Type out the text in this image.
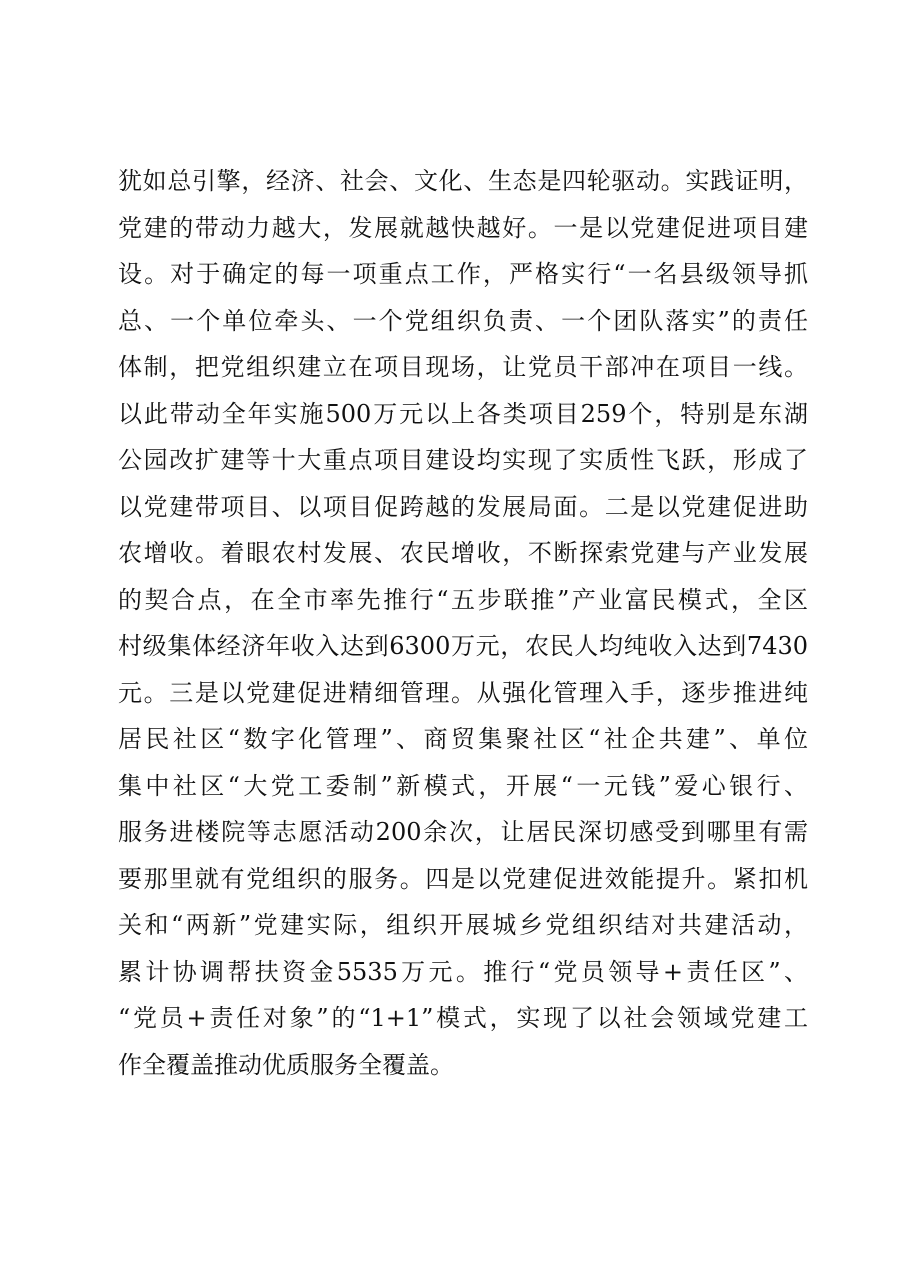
犹如总引擎，经济、社会、文化、生态是四轮驱动。实践证明，
党建的带动力越大，发展就越快越好。一是以党建促进项目建
设。对于确定的每一项重点工作，严格实行“一名县级领导抓
总、一个单位牵头、一个党组织负责、一个团队落实”的责任
体制，把党组织建立在项目现场，让党员干部冲在项目一线。
以此带动全年实施500万元以上各类项目259个，特别是东湖
公园改扩建等十大重点项目建设均实现了实质性飞跃，形成了
以党建带项目、以项目促跨越的发展局面。二是以党建促进助
农增收。着眼农村发展、农民增收，不断探索党建与产业发展
的契合点，在全市率先推行“五步联推”产业富民模式，全区
村级集体经济年收入达到6300万元，农民人均纯收入达到7430
元。三是以党建促进精细管理。从强化管理入手，逐步推进纯
居民社区“数字化管理”、商贸集聚社区“社企共建”、单位
集中社区“大党工委制”新模式，开展“一元钱”爱心银行、
服务进楼院等志愿活动200余次，让居民深切感受到哪里有需
要那里就有党组织的服务。四是以党建促进效能提升。紧扣机
关和“两新”党建实际，组织开展城乡党组织结对共建活动，
累计协调帮扶资金5535万元。推行“党员领导+责任区”、
“党员+责任对象”的“1+1”模式，实现了以社会领域党建工
作全覆盖推动优质服务全覆盖。
